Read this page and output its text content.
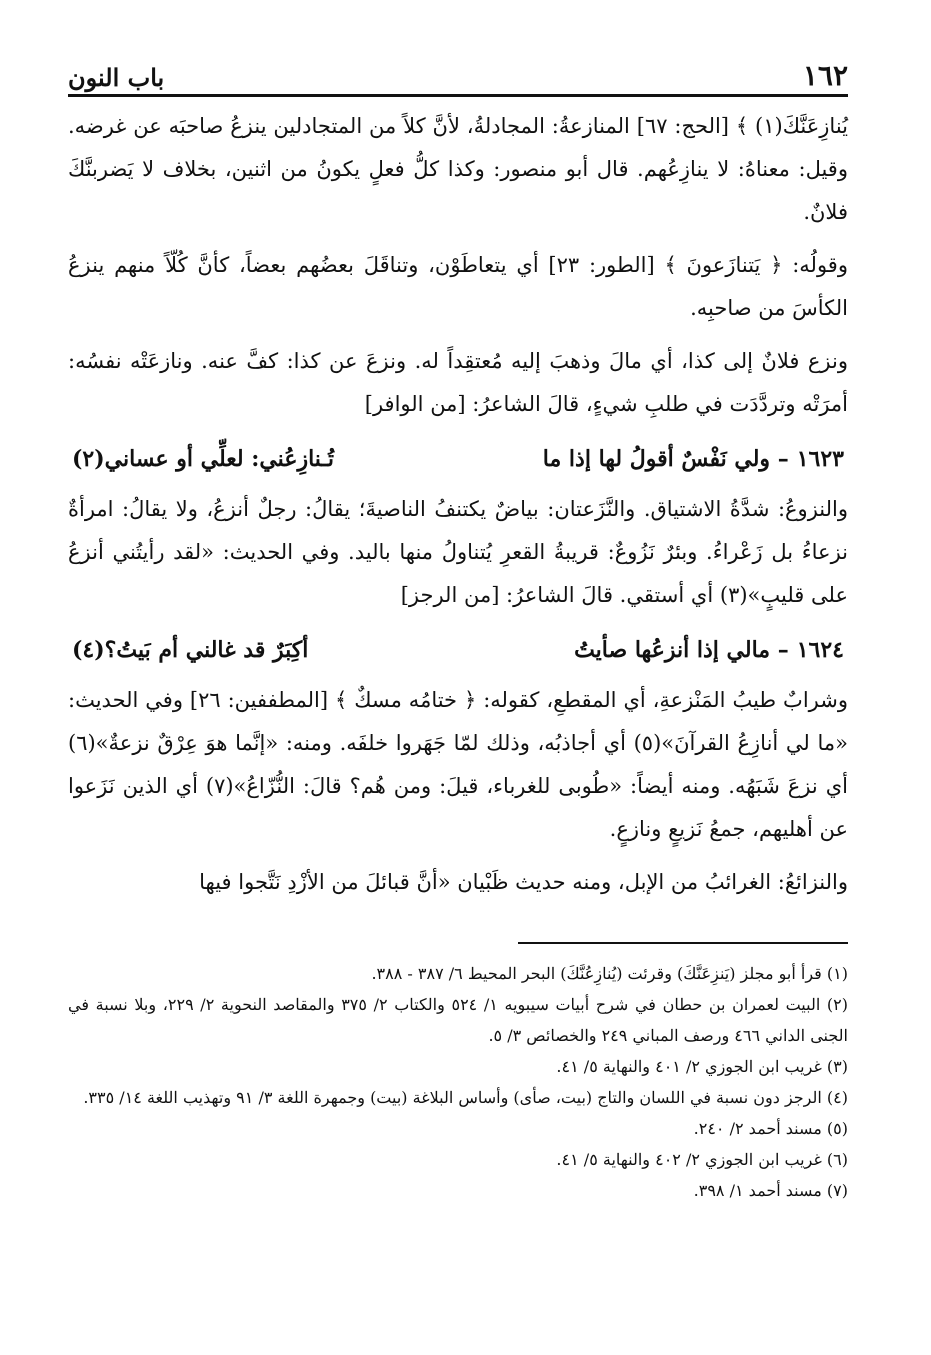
١٦٢
باب النون

يُنازِعَنَّكَ(١) ﴾ [الحج: ٦٧] المنازعةُ: المجادلةُ، لأنَّ كلاً من المتجادلين ينزعُ صاحبَه عن غرضه. وقيل: معناهُ: لا ينازِعُهم. قال أبو منصور: وكذا كلُّ فعلٍ يكونُ من اثنين، بخلاف لا يَضربنَّكَ فلانٌ.

وقولُه: ﴿ يَتنازَعونَ ﴾ [الطور: ٢٣] أي يتعاطَوْن، وتناقَلَ بعضُهم بعضاً، كأنَّ كُلّاً منهم ينزعُ الكأسَ من صاحبِه.

ونزع فلانٌ إلى كذا، أي مالَ وذهبَ إليه مُعتقِداً له. ونزعَ عن كذا: كفَّ عنه. ونازعَتْه نفسُه: أمرَتْه وتردَّدَت في طلبِ شيءٍ، قالَ الشاعرُ: [من الوافر]

١٦٢٣– ولي نَفْسٌ أقولُ لها إذا ما
تُـنازِعُني: لعلِّي أو عساني(٢)

والنزوعُ: شدَّةُ الاشتياق. والنَّزَعتان: بياضٌ يكتنفُ الناصيةَ؛ يقالُ: رجلٌ أنزعُ، ولا يقالُ: امرأةٌ نزعاءُ بل زَعْراءُ. وبئرٌ نَزُوعٌ: قريبةُ القعرِ يُتناولُ منها باليد. وفي الحديث: «لقد رأيتُني أنزعُ على قليبٍ»(٣) أي أستقي. قالَ الشاعرُ: [من الرجز]

١٦٢٤– مالي إذا أنزعُها صأيتُ
أكِبَرٌ قد غالني أم بَيتُ؟(٤)

وشرابٌ طيبُ المَنْزعةِ، أي المقطعِ، كقوله: ﴿ ختامُه مسكٌ ﴾ [المطففين: ٢٦] وفي الحديث: «ما لي أنازِعُ القرآنَ»(٥) أي أجاذبُه، وذلك لمّا جَهَروا خلفَه. ومنه: «إنَّما هوَ عِرْقٌ نزعةٌ»(٦) أي نزعَ شَبَهُه. ومنه أيضاً: «طُوبى للغرباء، قيلَ: ومن هُم؟ قالَ: النُّزّاعُ»(٧) أي الذين نَزَعوا عن أهليهم، جمعُ نَزيعٍ ونازعٍ.

والنزائعُ: الغرائبُ من الإبل، ومنه حديث ظَبْيان «أنَّ قبائلَ من الأزْدِ نَتَّجوا فيها

(١) قرأ أبو مجلز (يَنزِعَنَّكَ) وقرئت (يُنازِعُنَّكَ) البحر المحيط ٦/ ٣٨٧ - ٣٨٨.

(٢) البيت لعمران بن حطان في شرح أبيات سيبويه ١/ ٥٢٤ والكتاب ٢/ ٣٧٥ والمقاصد النحوية ٢/ ٢٢٩، وبلا نسبة في الجنى الداني ٤٦٦ ورصف المباني ٢٤٩ والخصائص ٣/ ٥.

(٣) غريب ابن الجوزي ٢/ ٤٠١ والنهاية ٥/ ٤١.

(٤) الرجز دون نسبة في اللسان والتاج (بيت، صأى) وأساس البلاغة (بيت) وجمهرة اللغة ٣/ ٩١ وتهذيب اللغة ١٤/ ٣٣٥.

(٥) مسند أحمد ٢/ ٢٤٠.

(٦) غريب ابن الجوزي ٢/ ٤٠٢ والنهاية ٥/ ٤١.

(٧) مسند أحمد ١/ ٣٩٨.
